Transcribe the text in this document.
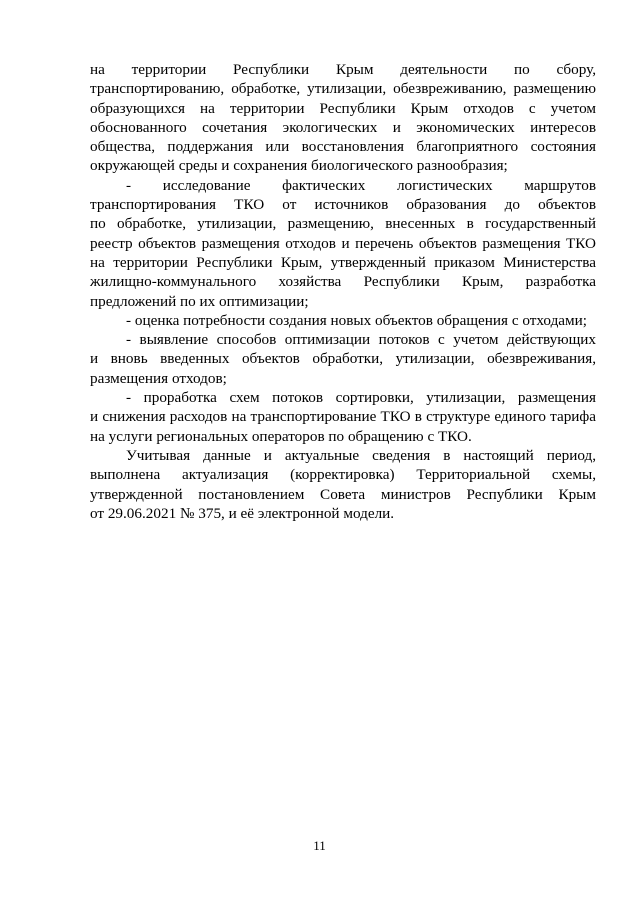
на территории Республики Крым деятельности по сбору,
транспортированию, обработке, утилизации, обезвреживанию, размещению
образующихся на территории Республики Крым отходов с учетом
обоснованного сочетания экологических и экономических интересов
общества, поддержания или восстановления благоприятного состояния
окружающей среды и сохранения биологического разнообразия;
- исследование фактических логистических маршрутов
транспортирования ТКО от источников образования до объектов
по обработке, утилизации, размещению, внесенных в государственный
реестр объектов размещения отходов и перечень объектов размещения ТКО
на территории Республики Крым, утвержденный приказом Министерства
жилищно-коммунального хозяйства Республики Крым, разработка
предложений по их оптимизации;
- оценка потребности создания новых объектов обращения с отходами;
- выявление способов оптимизации потоков с учетом действующих
и вновь введенных объектов обработки, утилизации, обезвреживания,
размещения отходов;
- проработка схем потоков сортировки, утилизации, размещения
и снижения расходов на транспортирование ТКО в структуре единого тарифа
на услуги региональных операторов по обращению с ТКО.
Учитывая данные и актуальные сведения в настоящий период,
выполнена актуализация (корректировка) Территориальной схемы,
утвержденной постановлением Совета министров Республики Крым
от 29.06.2021 № 375, и её электронной модели.
11
